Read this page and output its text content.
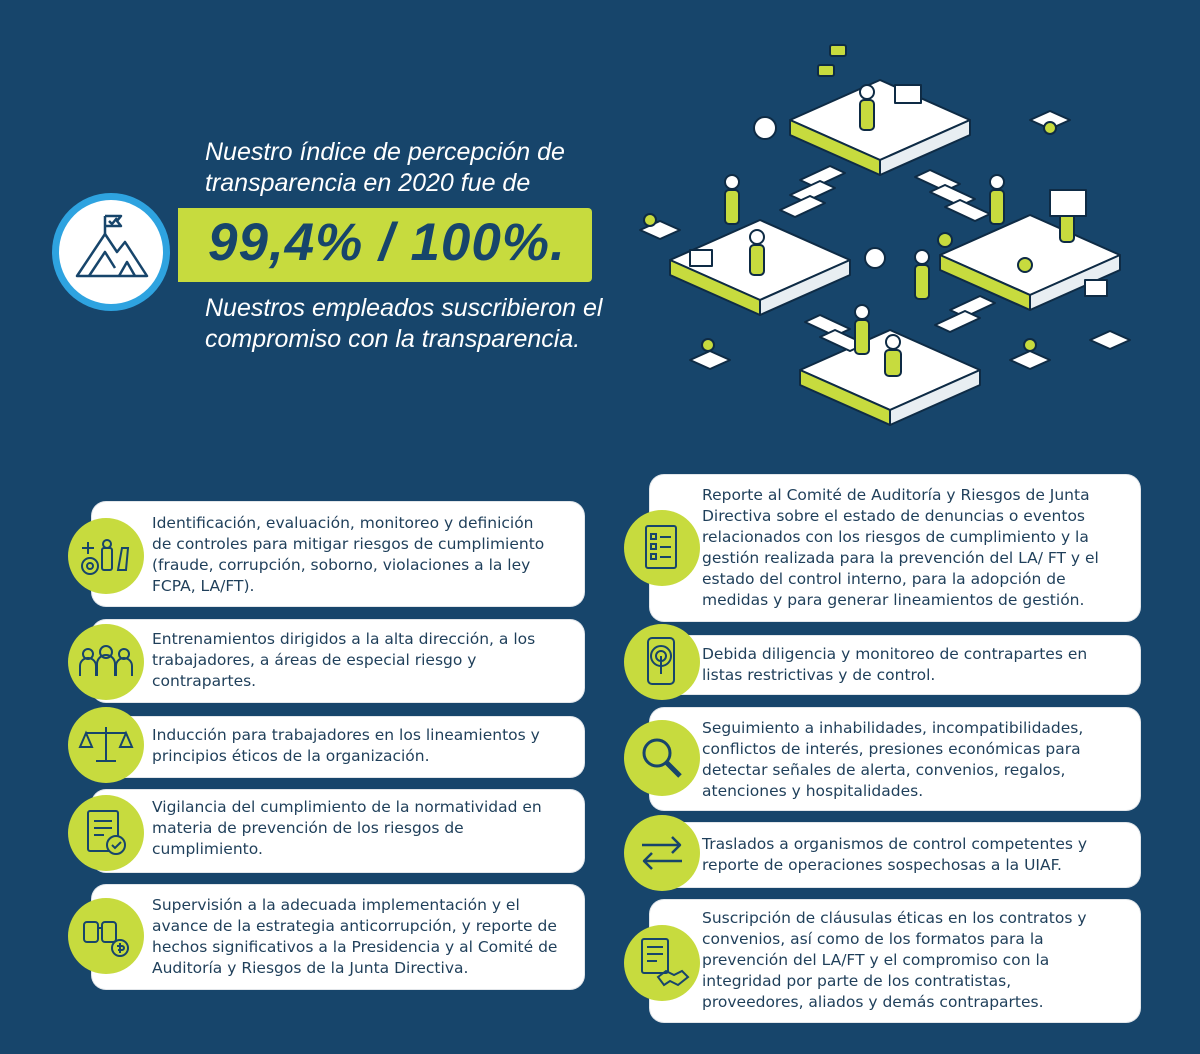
Nuestro índice de percepción de
transparencia en 2020 fue de
99,4% / 100%.
Nuestros empleados suscribieron el
compromiso con la transparencia.
Identificación, evaluación, monitoreo y definición
de controles para mitigar riesgos de cumplimiento
(fraude, corrupción, soborno, violaciones a la ley
FCPA, LA/FT).
Entrenamientos dirigidos a la alta dirección, a los
trabajadores, a áreas de especial riesgo y
contrapartes.
Inducción para trabajadores en los lineamientos y
principios éticos de la organización.
Vigilancia del cumplimiento de la normatividad en
materia de prevención de los riesgos de
cumplimiento.
Supervisión a la adecuada implementación y el
avance de la estrategia anticorrupción, y reporte de
hechos significativos a la Presidencia y al Comité de
Auditoría y Riesgos de la Junta Directiva.
Reporte al Comité de Auditoría y Riesgos de Junta
Directiva sobre el estado de denuncias o eventos
relacionados con los riesgos de cumplimiento y la
gestión realizada para la prevención del LA/ FT y el
estado del control interno, para la adopción de
medidas y para generar lineamientos de gestión.
Debida diligencia y monitoreo de contrapartes en
listas restrictivas y de control.
Seguimiento a inhabilidades, incompatibilidades,
conflictos de interés, presiones económicas para
detectar señales de alerta, convenios, regalos,
atenciones y hospitalidades.
Traslados a organismos de control competentes y
reporte de operaciones sospechosas a la UIAF.
Suscripción de cláusulas éticas en los contratos y
convenios, así como de los formatos para la
prevención del LA/FT y el compromiso con la
integridad por parte de los contratistas,
proveedores, aliados y demás contrapartes.
